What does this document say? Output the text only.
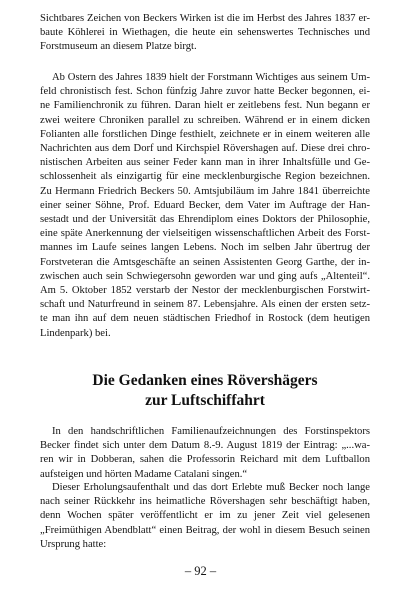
Sichtbares Zeichen von Beckers Wirken ist die im Herbst des Jahres 1837 er-
baute Köhlerei in Wiethagen, die heute ein sehenswertes Technisches und
Forstmuseum an diesem Platze birgt.
Ab Ostern des Jahres 1839 hielt der Forstmann Wichtiges aus seinem Um-
feld chronistisch fest. Schon fünfzig Jahre zuvor hatte Becker begonnen, ei-
ne Familienchronik zu führen. Daran hielt er zeitlebens fest. Nun begann er
zwei weitere Chroniken parallel zu schreiben. Während er in einem dicken
Folianten alle forstlichen Dinge festhielt, zeichnete er in einem weiteren alle
Nachrichten aus dem Dorf und Kirchspiel Rövershagen auf. Diese drei chro-
nistischen Arbeiten aus seiner Feder kann man in ihrer Inhaltsfülle und Ge-
schlossenheit als einzigartig für eine mecklenburgische Region bezeichnen.
Zu Hermann Friedrich Beckers 50. Amtsjubiläum im Jahre 1841 überreichte
einer seiner Söhne, Prof. Eduard Becker, dem Vater im Auftrage der Han-
sestadt und der Universität das Ehrendiplom eines Doktors der Philosophie,
eine späte Anerkennung der vielseitigen wissenschaftlichen Arbeit des Forst-
mannes im Laufe seines langen Lebens. Noch im selben Jahr übertrug der
Forstveteran die Amtsgeschäfte an seinen Assistenten Georg Garthe, der in-
zwischen auch sein Schwiegersohn geworden war und ging aufs „Altenteil“.
Am 5. Oktober 1852 verstarb der Nestor der mecklenburgischen Forstwirt-
schaft und Naturfreund in seinem 87. Lebensjahre. Als einen der ersten setz-
te man ihn auf dem neuen städtischen Friedhof in Rostock (dem heutigen
Lindenpark) bei.
Die Gedanken eines Rövershägers
zur Luftschiffahrt
In den handschriftlichen Familienaufzeichnungen des Forstinspektors
Becker findet sich unter dem Datum 8.-9. August 1819 der Eintrag: „...wa-
ren wir in Dobberan, sahen die Professorin Reichard mit dem Luftballon
aufsteigen und hörten Madame Catalani singen.“
Dieser Erholungsaufenthalt und das dort Erlebte muß Becker noch lange
nach seiner Rückkehr ins heimatliche Rövershagen sehr beschäftigt haben,
denn Wochen später veröffentlicht er im zu jener Zeit viel gelesenen
„Freimüthigen Abendblatt“ einen Beitrag, der wohl in diesem Besuch seinen
Ursprung hatte:
– 92 –
